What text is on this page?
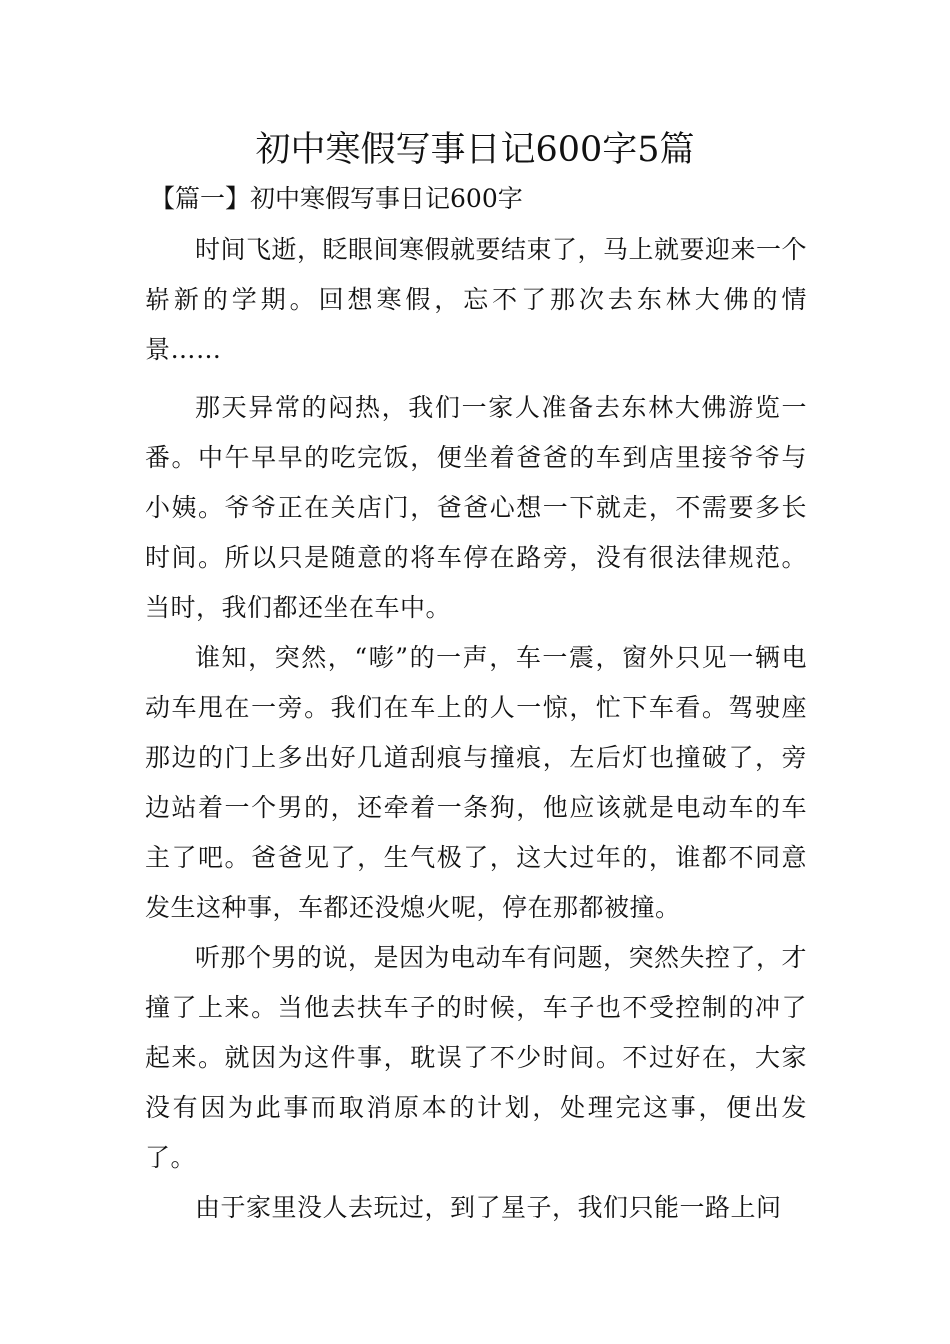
初中寒假写事日记600字5篇
【篇一】初中寒假写事日记600字

时间飞逝，眨眼间寒假就要结束了，马上就要迎来一个崭新的学期。回想寒假，忘不了那次去东林大佛的情景……

那天异常的闷热，我们一家人准备去东林大佛游览一番。中午早早的吃完饭，便坐着爸爸的车到店里接爷爷与小姨。爷爷正在关店门，爸爸心想一下就走，不需要多长时间。所以只是随意的将车停在路旁，没有很法律规范。当时，我们都还坐在车中。

谁知，突然，“嘭”的一声，车一震，窗外只见一辆电动车甩在一旁。我们在车上的人一惊，忙下车看。驾驶座那边的门上多出好几道刮痕与撞痕，左后灯也撞破了，旁边站着一个男的，还牵着一条狗，他应该就是电动车的车主了吧。爸爸见了，生气极了，这大过年的，谁都不同意发生这种事，车都还没熄火呢，停在那都被撞。

听那个男的说，是因为电动车有问题，突然失控了，才撞了上来。当他去扶车子的时候，车子也不受控制的冲了起来。就因为这件事，耽误了不少时间。不过好在，大家没有因为此事而取消原本的计划，处理完这事，便出发了。

由于家里没人去玩过，到了星子，我们只能一路上问
